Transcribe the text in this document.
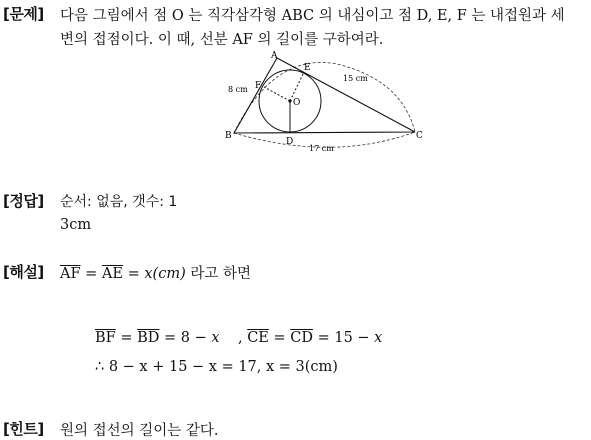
[문제] 다음 그림에서 점 O 는 직각삼각형 ABC 의 내심이고 점 D, E, F 는 내접원과 세
변의 접점이다. 이 때, 선분 AF 의 길이를 구하여라.
A
B	C
D
E
F
O
8 cm
15 cm
17 cm
[정답] 순서: 없음, 갯수: 1
3cm
[해설] $\overline{AF} = \overline{AE} = x(cm)$ 라고 하면
$\overline{BF} = \overline{BD} = 8 - x$    , $\overline{CE} = \overline{CD} = 15 - x$
∴ 8 − x + 15 − x = 17, x = 3(cm)
[힌트] 원의 접선의 길이는 같다.
